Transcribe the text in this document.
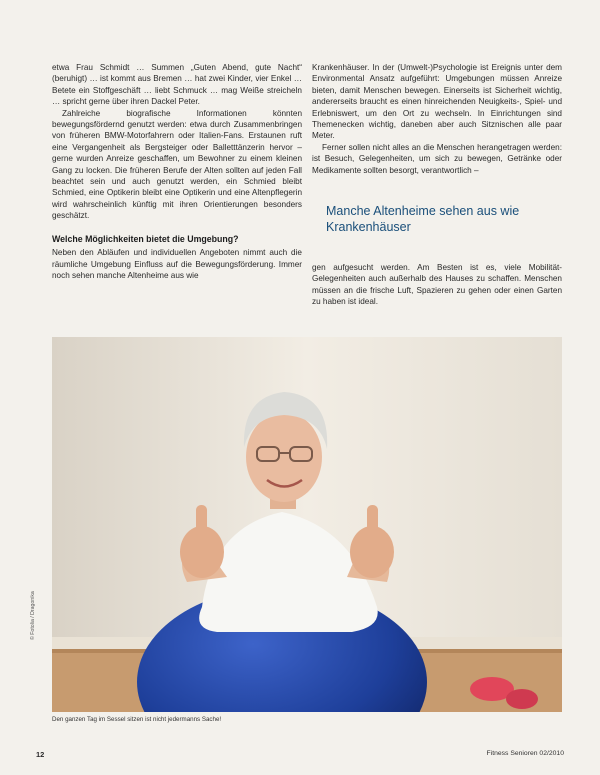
etwa Frau Schmidt … Summen „Guten Abend, gute Nacht“ (beruhigt) … ist kommt aus Bremen … hat zwei Kinder, vier Enkel … Betete ein Stoffgeschäft … liebt Schmuck … mag Weiße streicheln … spricht gerne über ihren Dackel Peter.

Zahlreiche biografische Informationen könnten bewegungsfördernd genutzt werden: etwa durch Zusammenbringen von früheren BMW-Motorfahrern oder Italien-Fans. Erstaunen ruft eine Vergangenheit als Bergsteiger oder Balletttänzerin hervor – gerne wurden Anreize geschaffen, um Bewohner zu einem kleinen Gang zu locken. Die früheren Berufe der Alten sollten auf jeden Fall beachtet sein und auch genutzt werden, ein Schmied bleibt Schmied, eine Optikerin bleibt eine Optikerin und eine Altenpflegerin wird wahrscheinlich künftig mit ihren Orientierungen besonders geschätzt.

Welche Möglichkeiten bietet die Umgebung?

Neben den Abläufen und individuellen Angeboten nimmt auch die räumliche Umgebung Einfluss auf die Bewegungsförderung. Immer noch sehen manche Altenheime aus wie

Krankenhäuser. In der (Umwelt-)Psychologie ist Ereignis unter dem Environmental Ansatz aufgeführt: Umgebungen müssen Anreize bieten, damit Menschen bewegen. Einerseits ist Sicherheit wichtig, andererseits braucht es einen hinreichenden Neuigkeits-, Spiel- und Erlebniswert, um den Ort zu wechseln. In Einrichtungen sind Themenecken wichtig, daneben aber auch Sitznischen alle paar Meter.

Ferner sollen nicht alles an die Menschen herangetragen werden: ist Besuch, Gelegenheiten, um sich zu bewegen, Getränke oder Medikamente sollten besorgt, verantwortlich –

Manche Altenheime sehen aus wie Krankenhäuser
gen aufgesucht werden. Am Besten ist es, viele Mobilität-Gelegenheiten auch außerhalb des Hauses zu schaffen. Menschen müssen an die frische Luft, Spazieren zu gehen oder einen Garten zu haben ist ideal.
© Fotolia / Dragonika
Den ganzen Tag im Sessel sitzen ist nicht jedermanns Sache!
12	Fitness Senioren 02/2010
